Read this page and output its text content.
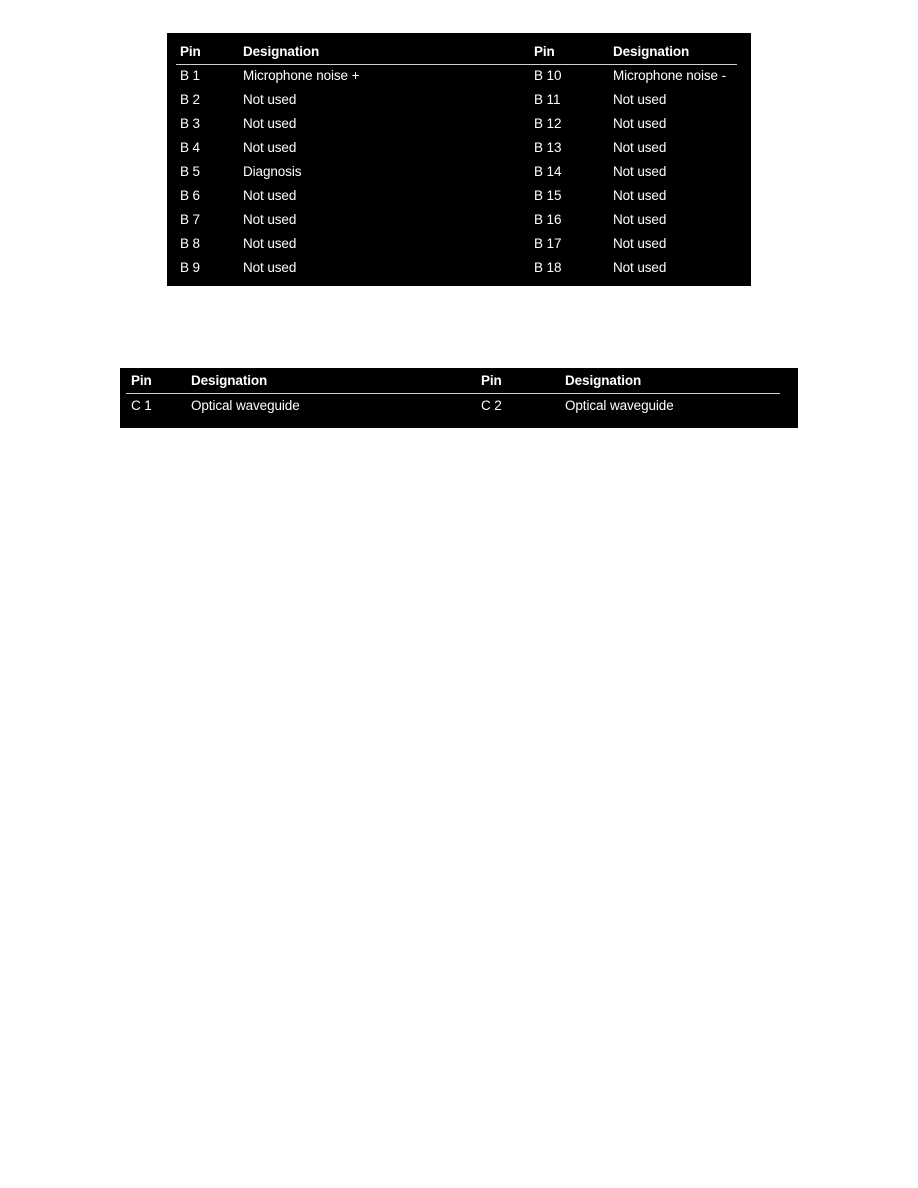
Pin	Designation	Pin	Designation
B 1	Microphone noise +	B 10	Microphone noise -
B 2	Not used	B 11	Not used
B 3	Not used	B 12	Not used
B 4	Not used	B 13	Not used
B 5	Diagnosis	B 14	Not used
B 6	Not used	B 15	Not used
B 7	Not used	B 16	Not used
B 8	Not used	B 17	Not used
B 9	Not used	B 18	Not used
Pin	Designation	Pin	Designation
C 1	Optical waveguide	C 2	Optical waveguide
